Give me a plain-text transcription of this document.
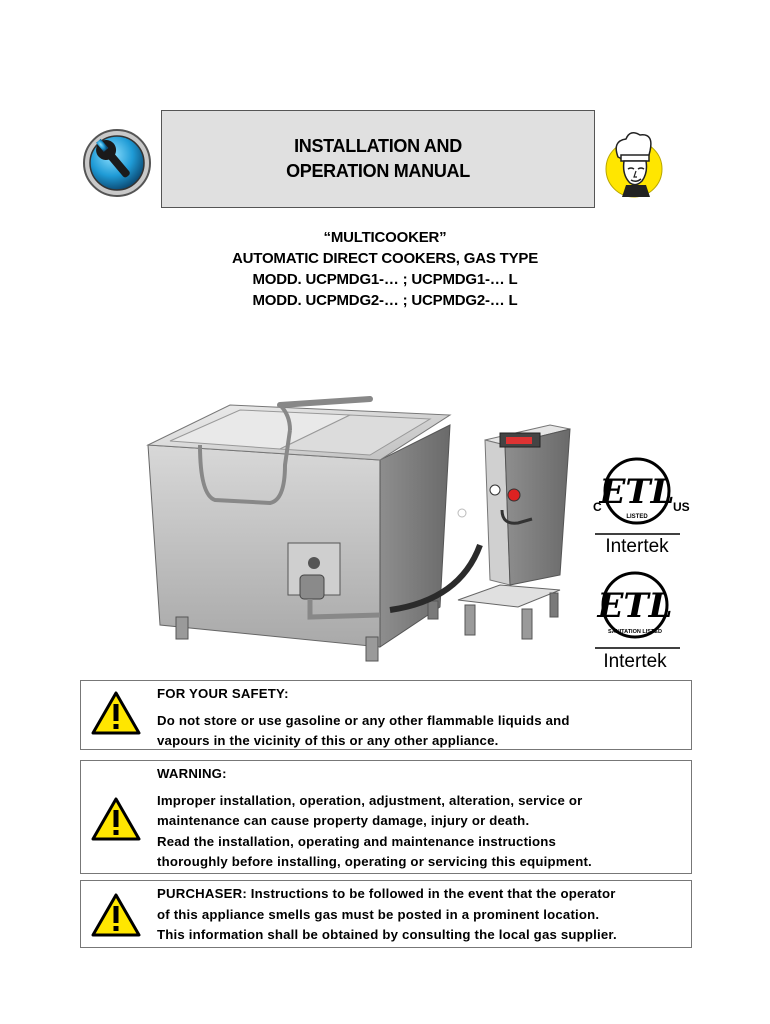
INSTALLATION AND
OPERATION MANUAL
“MULTICOOKER”
AUTOMATIC DIRECT COOKERS, GAS TYPE
MODD. UCPMDG1-… ; UCPMDG1-… L
MODD. UCPMDG2-… ; UCPMDG2-… L
ETL
LISTED
C	US
Intertek
ETL
SANITATION LISTED
Intertek
FOR YOUR SAFETY:
Do not store or use gasoline or any other flammable liquids and
vapours in the vicinity of this or any other appliance.
WARNING:
Improper installation, operation, adjustment, alteration, service or
maintenance can cause property damage, injury or death.
Read the installation, operating and maintenance instructions
thoroughly before installing, operating or servicing this equipment.
PURCHASER: Instructions to be followed in the event that the operator
of this appliance smells gas must be posted in a prominent location.
This information shall be obtained by consulting the local gas supplier.
